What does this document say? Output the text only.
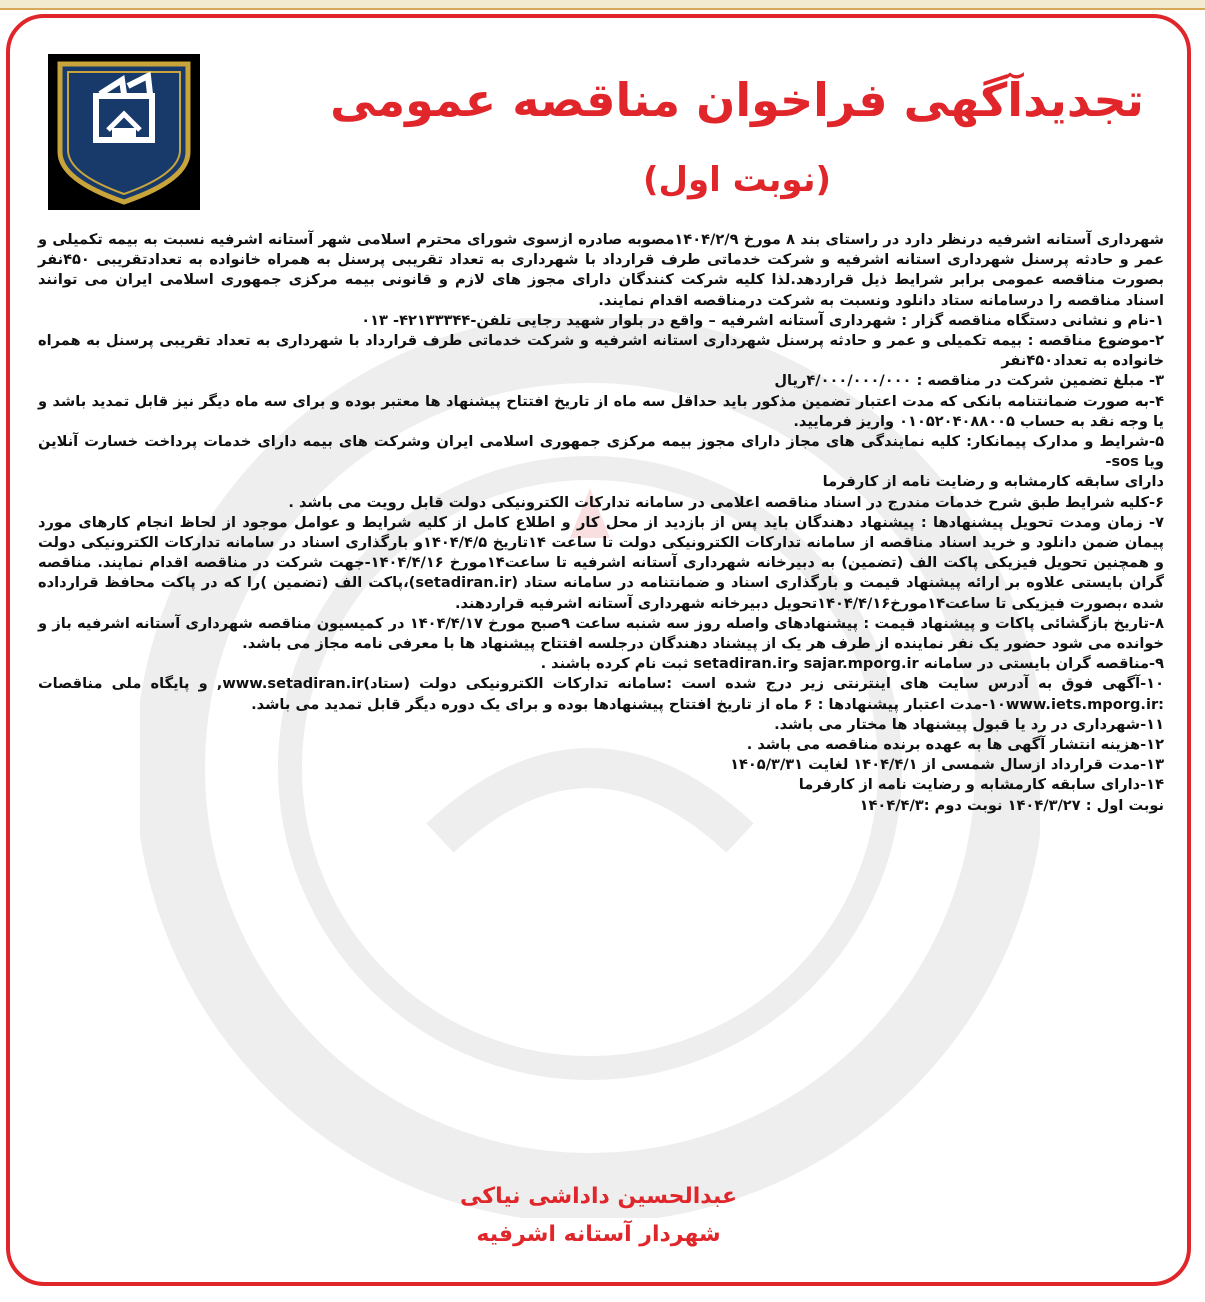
تجدیدآگهی فراخوان مناقصه عمومی
(نوبت اول)

شهرداری آستانه اشرفیه درنظر دارد در راستای بند ۸ مورخ ۱۴۰۴/۲/۹مصوبه صادره ازسوی شورای محترم اسلامی شهر آستانه اشرفیه نسبت به بیمه تکمیلی و عمر و حادثه پرسنل شهرداری استانه اشرفیه و شرکت خدماتی طرف قرارداد با شهرداری به تعداد تقریبی پرسنل به همراه خانواده به تعدادتقریبی ۴۵۰نفر بصورت مناقصه عمومی برابر شرایط ذیل قراردهد.لذا کلیه شرکت کنندگان دارای مجوز های لازم و قانونی بیمه مرکزی جمهوری اسلامی ایران می توانند اسناد مناقصه را درسامانه ستاد دانلود ونسبت به شرکت درمناقصه اقدام نمایند.

۱-نام و نشانی دستگاه مناقصه گزار : شهرداری آستانه اشرفیه – واقع در بلوار شهید رجایی تلفن-۴۲۱۳۳۳۴۴- ۰۱۳

۲-موضوع مناقصه : بیمه تکمیلی و عمر و حادثه پرسنل شهرداری استانه اشرفیه و شرکت خدماتی طرف قرارداد با شهرداری به تعداد تقریبی پرسنل به همراه خانواده به تعداد۴۵۰نفر

۳- مبلغ تضمین شرکت در مناقصه : ۴/۰۰۰/۰۰۰/۰۰۰ریال

۴-به صورت ضمانتنامه بانکی که مدت اعتبار تضمین مذکور باید حداقل سه ماه از تاریخ افتتاح پیشنهاد ها معتبر بوده و برای سه ماه دیگر نیز قابل تمدید باشد و یا وجه نقد به حساب ۰۱۰۵۲۰۴۰۸۸۰۰۵ واریز فرمایید.

۵-شرایط و مدارک پیمانکار: کلیه نمایندگی های مجاز دارای مجوز بیمه مرکزی جمهوری اسلامی ایران وشرکت های بیمه دارای خدمات پرداخت خسارت آنلاین ویا sos-

دارای سابقه کارمشابه و رضایت نامه از کارفرما

۶-کلیه شرایط طبق شرح خدمات مندرج در اسناد مناقصه اعلامی در سامانه تدارکات الکترونیکی دولت قابل رویت می باشد .

۷- زمان ومدت تحویل پیشنهادها : پیشنهاد دهندگان باید پس از بازدید از محل کار و اطلاع کامل از کلیه شرایط و عوامل موجود از لحاظ انجام کارهای مورد پیمان ضمن دانلود و خرید اسناد مناقصه از سامانه تدارکات الکترونیکی دولت تا ساعت ۱۴تاریخ ۱۴۰۴/۴/۵و بارگذاری اسناد در سامانه تدارکات الکترونیکی دولت و همچنین تحویل فیزیکی پاکت الف (تضمین) به دبیرخانه شهرداری آستانه اشرفیه تا ساعت۱۴مورخ ۱۴۰۴/۴/۱۶-جهت شرکت در مناقصه اقدام نمایند. مناقصه گران بایستی علاوه بر ارائه پیشنهاد قیمت و بارگذاری اسناد و ضمانتنامه در سامانه ستاد (setadiran.ir)،پاکت الف (تضمین )را که در پاکت محافظ قرارداده شده ،بصورت فیزیکی تا ساعت۱۴مورخ۱۴۰۴/۴/۱۶تحویل دبیرخانه شهرداری آستانه اشرفیه قراردهند.

۸-تاریخ بازگشائی پاکات و پیشنهاد قیمت : پیشنهادهای واصله روز سه شنبه ساعت ۹صبح مورخ ۱۴۰۴/۴/۱۷ در کمیسیون مناقصه شهرداری آستانه اشرفیه باز و خوانده می شود حضور یک نفر نماینده از طرف هر یک از پیشناد دهندگان درجلسه افتتاح پیشنهاد ها با معرفی نامه مجاز می باشد.

۹-مناقصه گران بایستی در سامانه sajar.mporg.ir وsetadiran.ir ثبت نام کرده باشند .

۱۰-آگهی فوق به آدرس سایت های اینترنتی زیر درج شده است :سامانه تدارکات الکترونیکی دولت (ستاد)www.setadiran.ir, و پایگاه ملی مناقصات :۱۰www.iets.mporg.ir-مدت اعتبار پیشنهادها : ۶ ماه از تاریخ افتتاح پیشنهادها بوده و برای یک دوره دیگر قابل تمدید می باشد.

۱۱-شهرداری در رد یا قبول پیشنهاد ها مختار می باشد.

۱۲-هزینه انتشار آگهی ها به عهده برنده مناقصه می باشد .

۱۳-مدت قرارداد ازسال شمسی از ۱۴۰۴/۴/۱ لغایت ۱۴۰۵/۳/۳۱

۱۴-دارای سابقه کارمشابه و رضایت نامه از کارفرما

نوبت اول : ۱۴۰۴/۳/۲۷ نوبت دوم :۱۴۰۴/۴/۳

عبدالحسین داداشی نیاکی
شهردار آستانه اشرفیه
